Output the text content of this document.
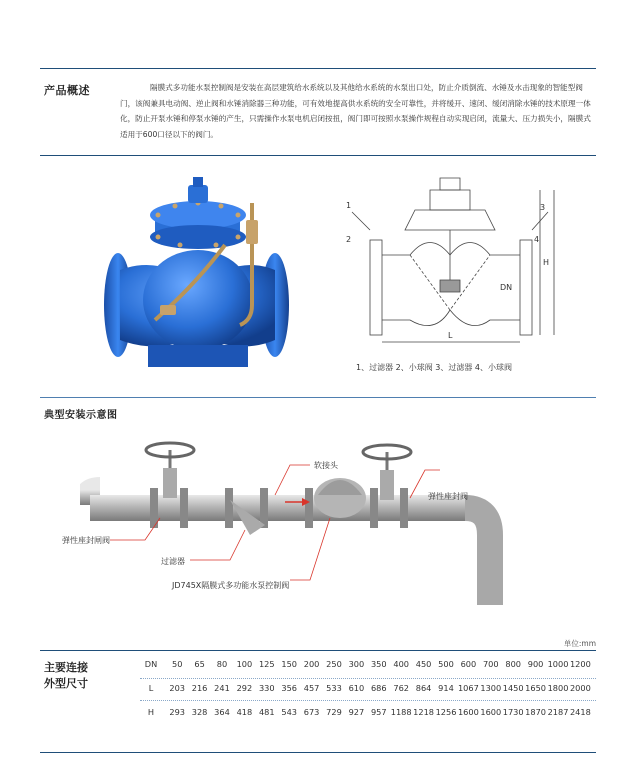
产品概述	隔膜式多功能水泵控制阀是安装在高层建筑给水系统以及其他给水系统的水泵出口处，防止介质倒流、水锤及水击现象的智能型阀门，该阀兼具电动阀、逆止阀和水锤消除器三种功能，可有效地提高供水系统的安全可靠性，并将缓开、速闭、缓闭消除水锤的技术原理一体化，防止开泵水锤和停泵水锤的产生，只需操作水泵电机启闭按扭，阀门即可按照水泵操作规程自动实现启闭，流量大、压力损失小，隔膜式适用于600口径以下的阀门。
1
2
3
4
L
H
DN
1、过滤器 2、小球阀 3、过滤器 4、小球阀
典型安装示意图
软接头
弹性座封阀
弹性座封闸阀
过滤器
JD745X隔膜式多功能水泵控制阀
单位:mm
主要连接
外型尺寸
DN	50	65	80	100 125 150 200 250 300 350 400 450 500 600 700 800 900 1000 1200
L	203 216 241 292 330 356 457 533 610 686 762 864 914 1067 1300 1450 1650 1800 2000
H	293 328 364 418 481 543 673 729 927 957 1188 1218 1256 1600 1600 1730 1870 2187 2418
